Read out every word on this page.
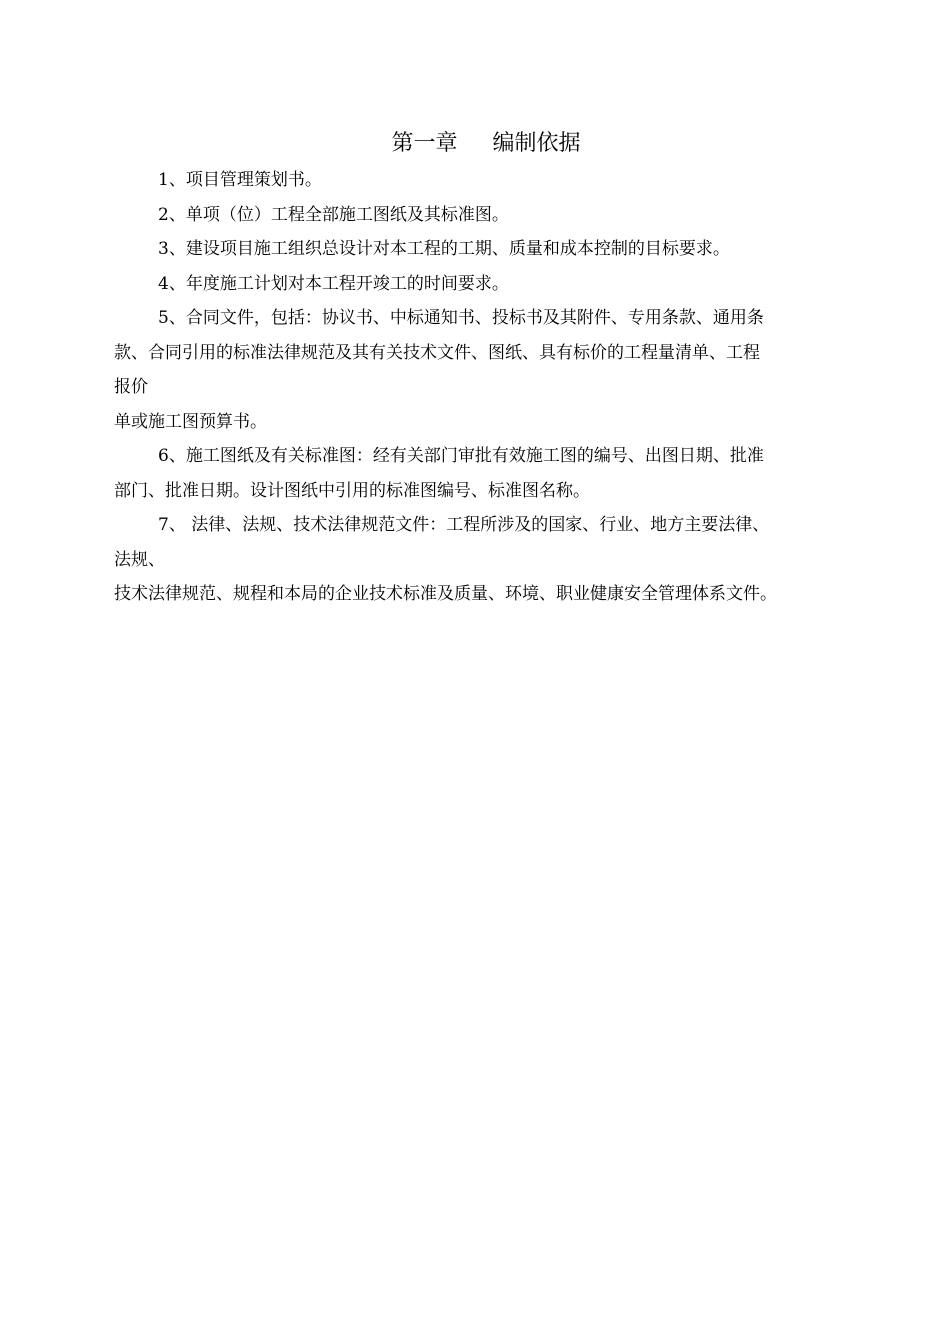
第一章     编制依据
1、项目管理策划书。
2、单项（位）工程全部施工图纸及其标准图。
3、建设项目施工组织总设计对本工程的工期、质量和成本控制的目标要求。
4、年度施工计划对本工程开竣工的时间要求。
5、合同文件，包括：协议书、中标通知书、投标书及其附件、专用条款、通用条
款、合同引用的标准法律规范及其有关技术文件、图纸、具有标价的工程量清单、工程
报价
单或施工图预算书。
6、施工图纸及有关标准图：经有关部门审批有效施工图的编号、出图日期、批准
部门、批准日期。设计图纸中引用的标准图编号、标准图名称。
7、 法律、法规、技术法律规范文件：工程所涉及的国家、行业、地方主要法律、
法规、
技术法律规范、规程和本局的企业技术标准及质量、环境、职业健康安全管理体系文件。
